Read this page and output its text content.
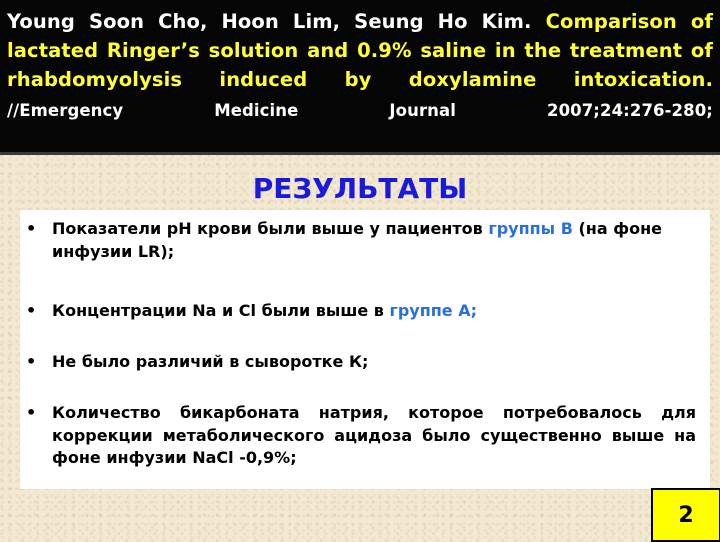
Young Soon Cho, Hoon Lim, Seung Ho Kim. Comparison of lactated Ringer’s solution and 0.9% saline in the treatment of rhabdomyolysis induced by doxylamine intoxication. //Emergency Medicine Journal 2007;24:276-280;

РЕЗУЛЬТАТЫ
• Показатели рН крови были выше у пациентов группы В (на фоне инфузии LR);
• Концентрации Na и Cl были выше в группе А;
• Не было различий в сыворотке К;
• Количество бикарбоната натрия, которое потребовалось для коррекции метаболического ацидоза было существенно выше на фоне инфузии NaCl -0,9%;
2
